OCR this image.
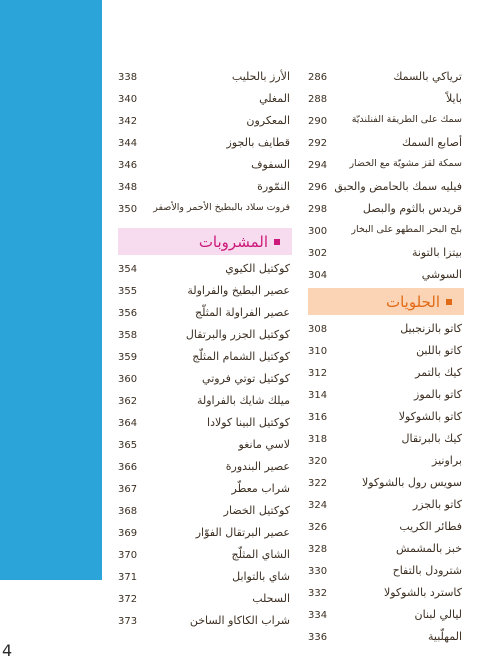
4
338	الأرز بالحليب
340	المغلي
342	المعكرون
344	قطايف بالجوز
346	السفوف
348	النمّورة
350 فروت سلاد بالبطيخ الأحمر والأصفر
المشروبات
354	كوكتيل الكيوي
355	عصير البطيخ والفراولة
356	عصير الفراولة المثلّج
358	كوكتيل الجزر والبرتقال
359	كوكتيل الشمام المثلّج
360	كوكتيل توتي فروتي
362	ميلك شايك بالفراولة
364	كوكتيل البينا كولادا
365	لاسي مانغو
366	عصير البندورة
367	شراب معطّر
368	كوكتيل الخضار
369	عصير البرتقال الفوّار
370	الشاي المثلّج
371	شاي بالتوابل
372	السحلب
373	شراب الكاكاو الساخن
286	ترياكي بالسمك
288	بايلاً
290	سمك على الطريقة الفنلنديّة
292	أصابع السمك
294 سمكة لقز مشويّة مع الخضار
296 فيليه سمك بالحامض والحبق
298	قريدس بالثوم والبصل
300	بلح البحر المطهو على البخار
302	بيتزا بالتونة
304	السوشي
الحلويات
308	كاتو بالزنجبيل
310	كاتو باللبن
312	كيك بالتمر
314	كاتو بالموز
316	كاتو بالشوكولا
318	كيك بالبرتقال
320	براونيز
322	سويس رول بالشوكولا
324	كاتو بالجزر
326	فطائر الكريب
328	خبز بالمشمش
330	شترودل بالتفاح
332	كاسترد بالشوكولا
334	ليالي لبنان
336	المهلّبية
